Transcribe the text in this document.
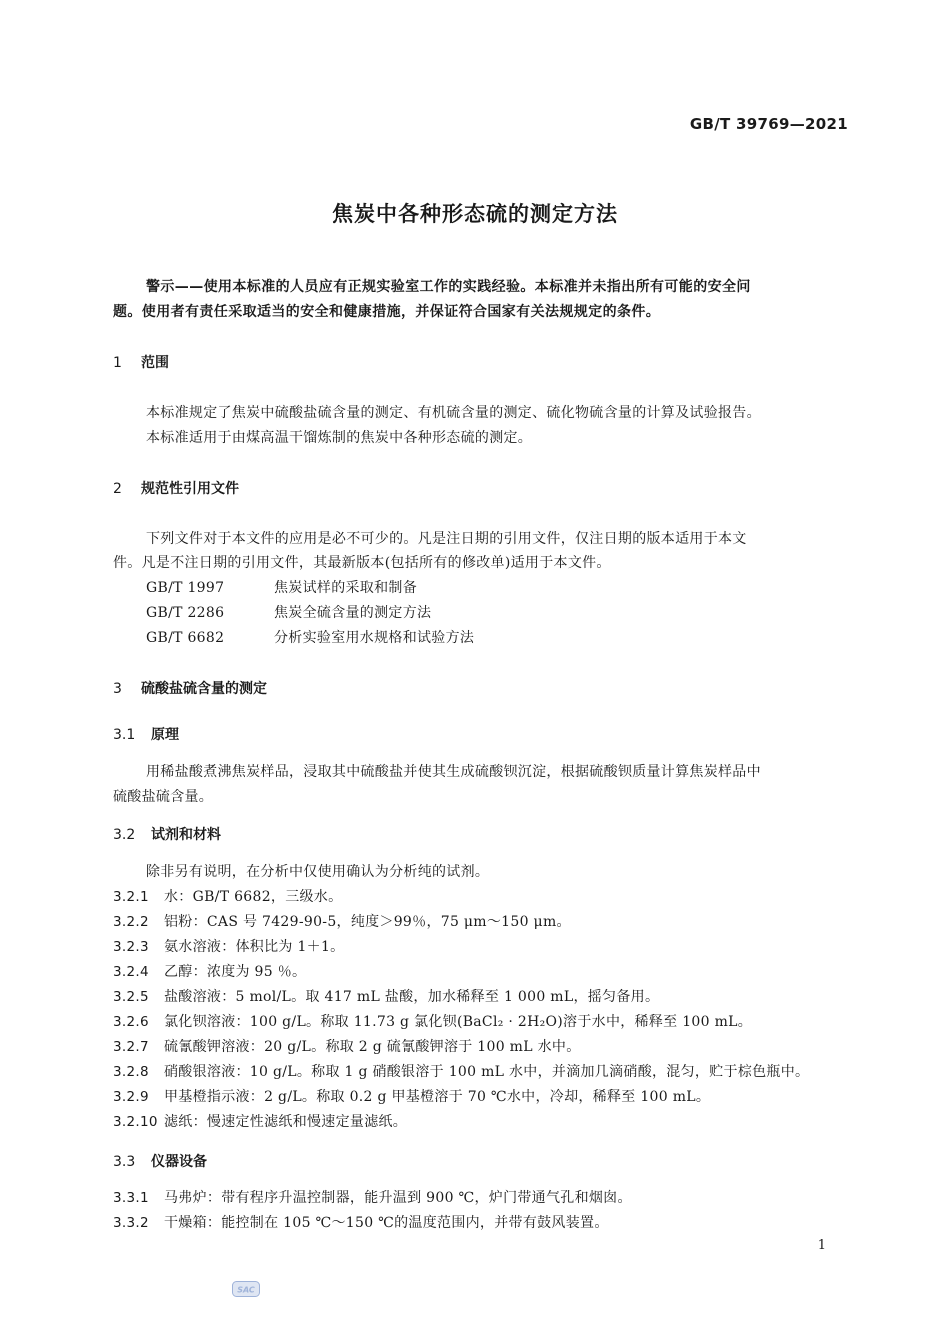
GB/T 39769—2021
焦炭中各种形态硫的测定方法
警示——使用本标准的人员应有正规实验室工作的实践经验。本标准并未指出所有可能的安全问
题。使用者有责任采取适当的安全和健康措施，并保证符合国家有关法规规定的条件。
1 范围
本标准规定了焦炭中硫酸盐硫含量的测定、有机硫含量的测定、硫化物硫含量的计算及试验报告。
本标准适用于由煤高温干馏炼制的焦炭中各种形态硫的测定。
2 规范性引用文件
下列文件对于本文件的应用是必不可少的。凡是注日期的引用文件，仅注日期的版本适用于本文
件。凡是不注日期的引用文件，其最新版本(包括所有的修改单)适用于本文件。
GB/T 1997	焦炭试样的采取和制备
GB/T 2286	焦炭全硫含量的测定方法
GB/T 6682	分析实验室用水规格和试验方法
3 硫酸盐硫含量的测定
3.1 原理
用稀盐酸煮沸焦炭样品，浸取其中硫酸盐并使其生成硫酸钡沉淀，根据硫酸钡质量计算焦炭样品中
硫酸盐硫含量。
3.2 试剂和材料
除非另有说明，在分析中仅使用确认为分析纯的试剂。
3.2.1 水：GB/T 6682，三级水。
3.2.2 铝粉：CAS 号 7429-90-5，纯度＞99％，75 μm～150 μm。
3.2.3 氨水溶液：体积比为 1＋1。
3.2.4 乙醇：浓度为 95 ％。
3.2.5 盐酸溶液：5 mol/L。取 417 mL 盐酸，加水稀释至 1 000 mL，摇匀备用。
3.2.6 氯化钡溶液：100 g/L。称取 11.73 g 氯化钡(BaCl₂ · 2H₂O)溶于水中，稀释至 100 mL。
3.2.7 硫氰酸钾溶液：20 g/L。称取 2 g 硫氰酸钾溶于 100 mL 水中。
3.2.8 硝酸银溶液：10 g/L。称取 1 g 硝酸银溶于 100 mL 水中，并滴加几滴硝酸，混匀，贮于棕色瓶中。
3.2.9 甲基橙指示液：2 g/L。称取 0.2 g 甲基橙溶于 70 ℃水中，冷却，稀释至 100 mL。
3.2.10 滤纸：慢速定性滤纸和慢速定量滤纸。
3.3 仪器设备
3.3.1 马弗炉：带有程序升温控制器，能升温到 900 ℃，炉门带通气孔和烟囱。
3.3.2 干燥箱：能控制在 105 ℃～150 ℃的温度范围内，并带有鼓风装置。
1
SAC
